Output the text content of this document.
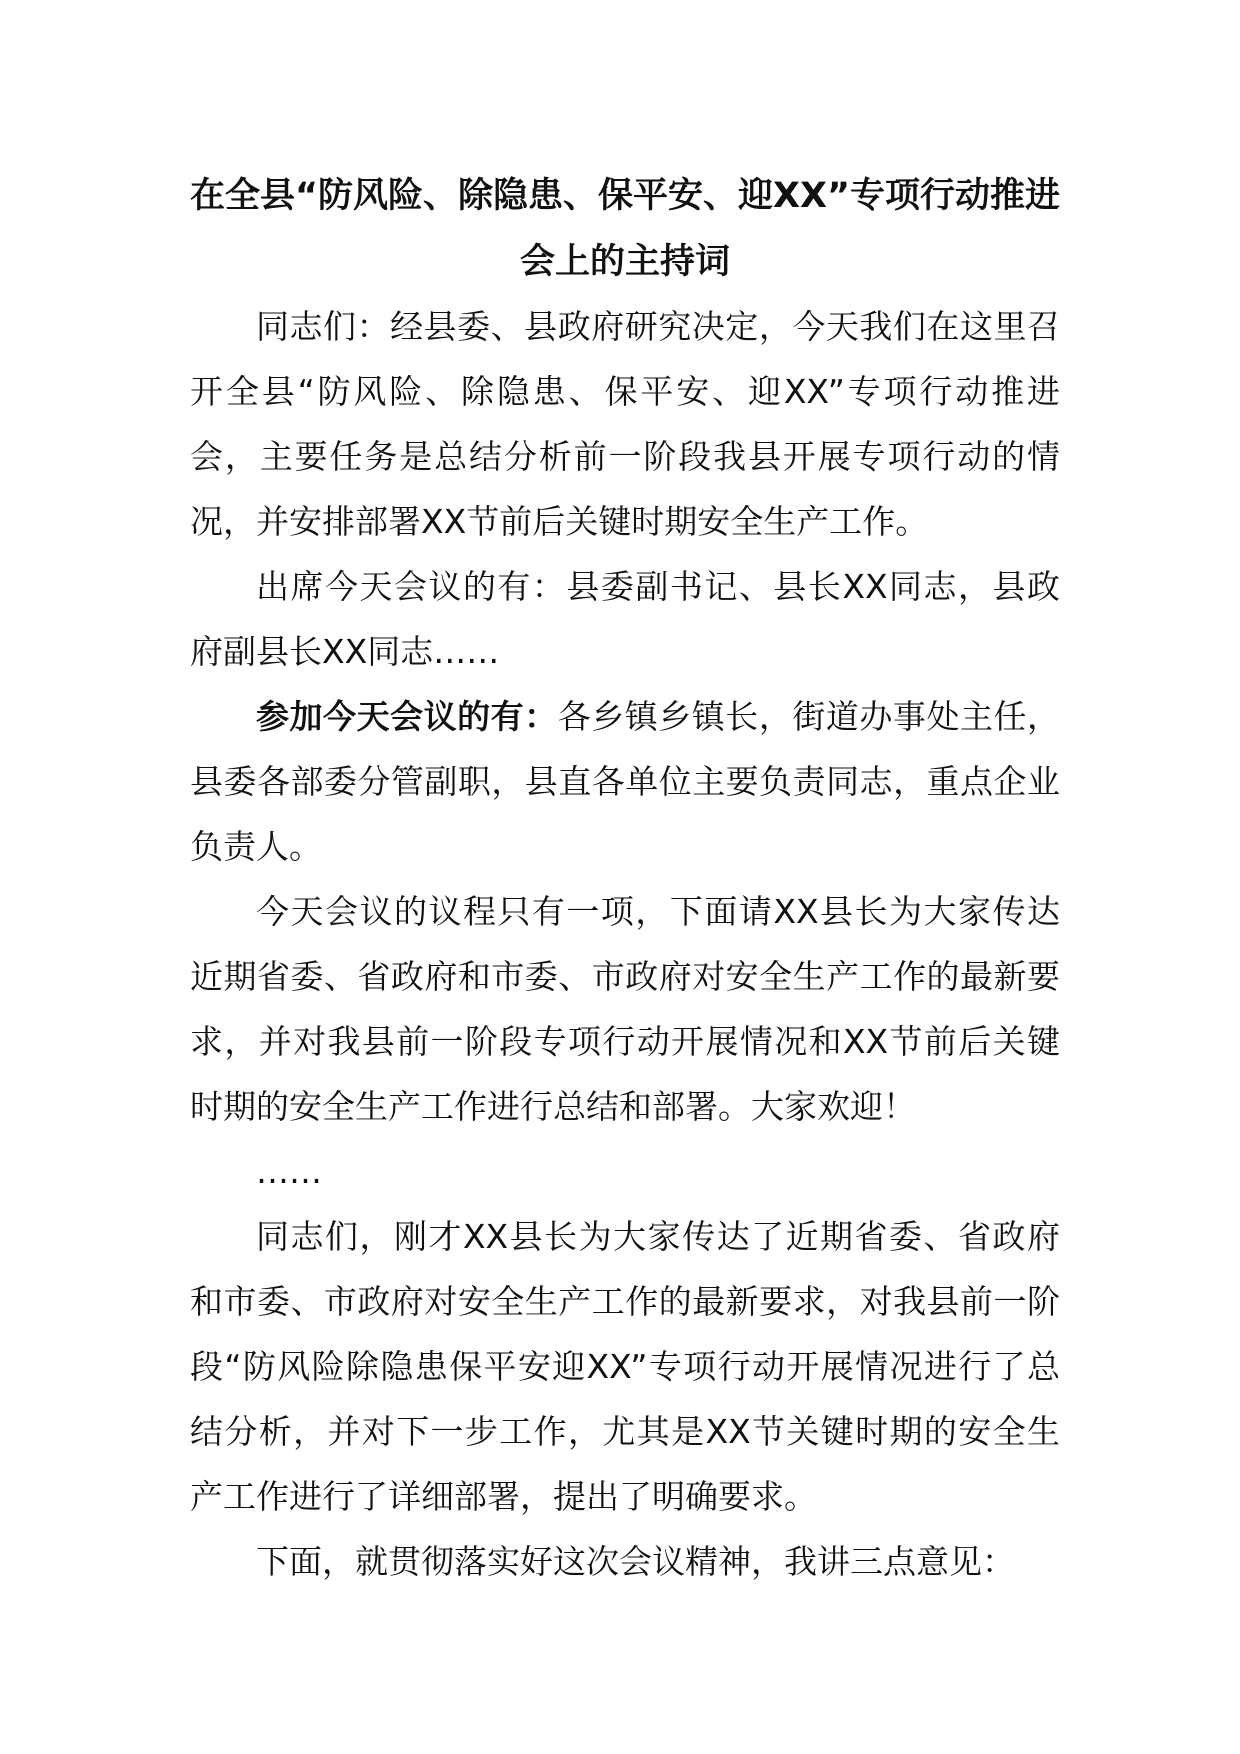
在全县“防风险、除隐患、保平安、迎XX”专项行动推进
会上的主持词

同志们：经县委、县政府研究决定，今天我们在这里召开全县“防风险、除隐患、保平安、迎XX”专项行动推进会，主要任务是总结分析前一阶段我县开展专项行动的情况，并安排部署XX节前后关键时期安全生产工作。

出席今天会议的有：县委副书记、县长XX同志，县政府副县长XX同志……

参加今天会议的有：各乡镇乡镇长，街道办事处主任，县委各部委分管副职，县直各单位主要负责同志，重点企业负责人。

今天会议的议程只有一项，下面请XX县长为大家传达近期省委、省政府和市委、市政府对安全生产工作的最新要求，并对我县前一阶段专项行动开展情况和XX节前后关键时期的安全生产工作进行总结和部署。大家欢迎！

……

同志们，刚才XX县长为大家传达了近期省委、省政府和市委、市政府对安全生产工作的最新要求，对我县前一阶段“防风险除隐患保平安迎XX”专项行动开展情况进行了总结分析，并对下一步工作，尤其是XX节关键时期的安全生产工作进行了详细部署，提出了明确要求。

下面，就贯彻落实好这次会议精神，我讲三点意见：
